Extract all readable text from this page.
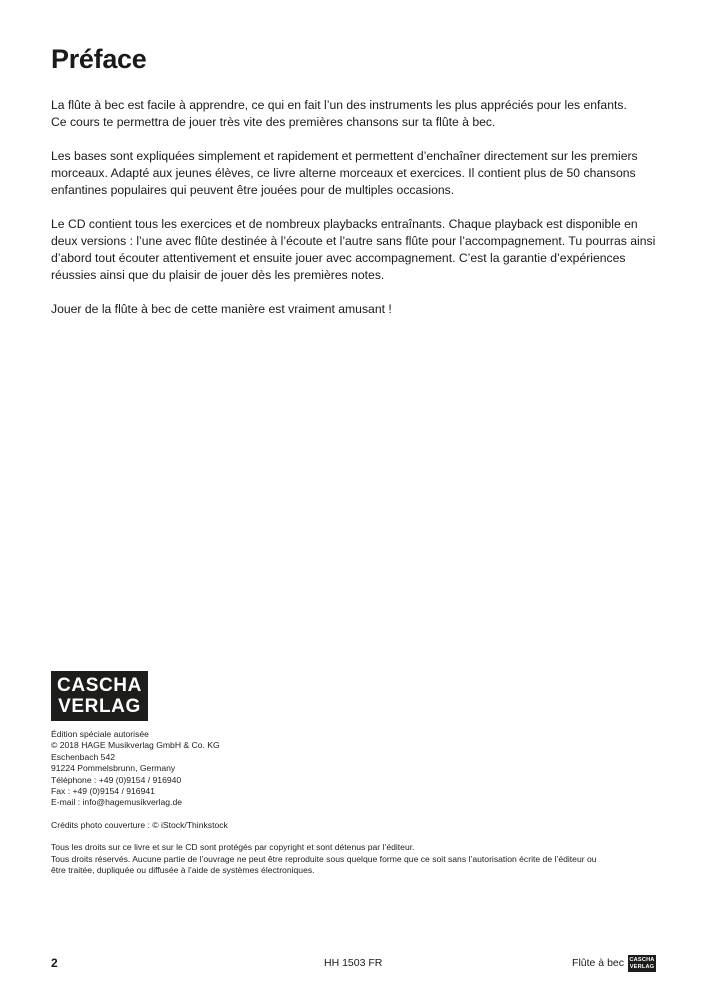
Préface

La flûte à bec est facile à apprendre, ce qui en fait l’un des instruments les plus appréciés pour les enfants.
Ce cours te permettra de jouer très vite des premières chansons sur ta flûte à bec.

Les bases sont expliquées simplement et rapidement et permettent d’enchaîner directement sur les premiers
morceaux. Adapté aux jeunes élèves, ce livre alterne morceaux et exercices. Il contient plus de 50 chansons
enfantines populaires qui peuvent être jouées pour de multiples occasions.

Le CD contient tous les exercices et de nombreux playbacks entraînants. Chaque playback est disponible en
deux versions : l’une avec flûte destinée à l’écoute et l’autre sans flûte pour l’accompagnement. Tu pourras ainsi
d’abord tout écouter attentivement et ensuite jouer avec accompagnement. C’est la garantie d’expériences
réussies ainsi que du plaisir de jouer dès les premières notes.

Jouer de la flûte à bec de cette manière est vraiment amusant !

CASCHA
VERLAG
Édition spéciale autorisée
© 2018 HAGE Musikverlag GmbH & Co. KG
Eschenbach 542
91224 Pommelsbrunn, Germany
Téléphone : +49 (0)9154 / 916940
Fax : +49 (0)9154 / 916941
E-mail : info@hagemusikverlag.de
Crédits photo couverture : © iStock/Thinkstock
Tous les droits sur ce livre et sur le CD sont protégés par copyright et sont détenus par l’éditeur.
Tous droits réservés. Aucune partie de l’ouvrage ne peut être reproduite sous quelque forme que ce soit sans l’autorisation écrite de l’éditeur ou
être traitée, dupliquée ou diffusée à l’aide de systèmes électroniques.
2	HH 1503 FR	Flûte à bec CASCHA
VERLAG
